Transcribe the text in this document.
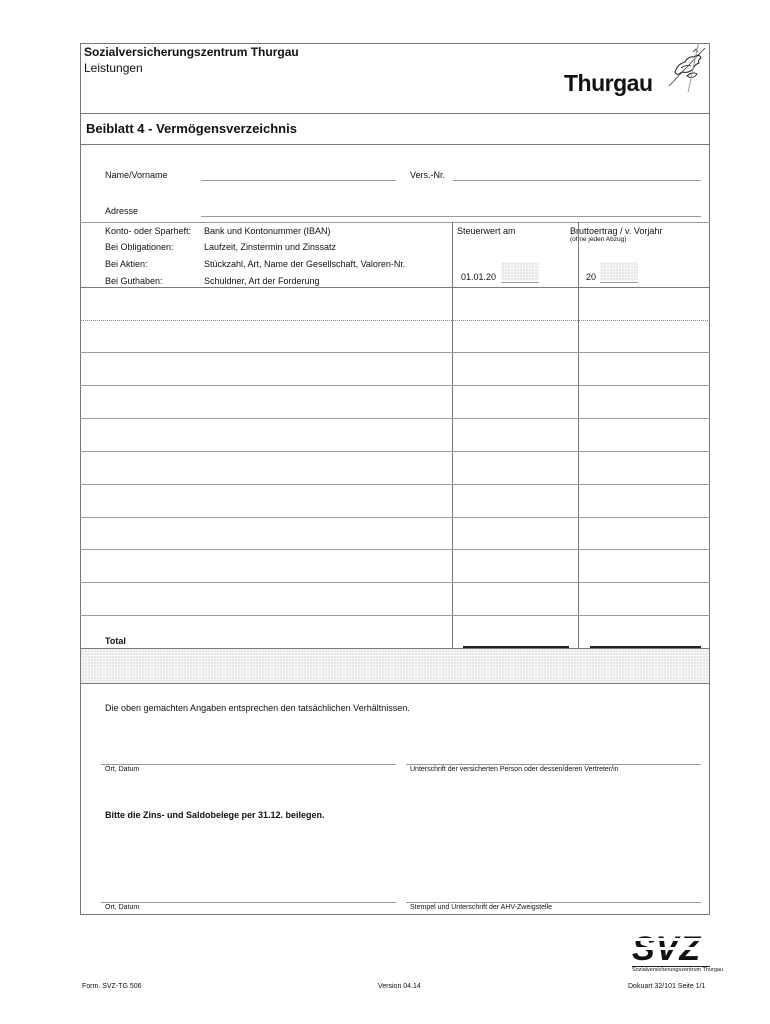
Sozialversicherungszentrum Thurgau
Leistungen
Thurgau
Beiblatt 4 - Vermögensverzeichnis
Name/Vorname	Vers.-Nr.
Adresse
Konto- oder Sparheft: Bank und Kontonummer (IBAN)
Bei Obligationen:	Laufzeit, Zinstermin und Zinssatz
Bei Aktien:	Stückzahl, Art, Name der Gesellschaft, Valoren-Nr.
Bei Guthaben:	Schuldner, Art der Forderung
Steuerwert am
01.01.20
Bruttoertrag / v. Vorjahr
(ohne jeden Abzug)
20
Total
Die oben gemachten Angaben entsprechen den tatsächlichen Verhältnissen.
Ort, Datum	Unterschrift der versicherten Person oder dessen/deren Vertreter/in
Bitte die Zins- und Saldobelege per 31.12. beilegen.
Ort, Datum	Stempel und Unterschrift der AHV-Zweigstelle
SVZ
Sozialversicherungszentrum Thurgau
Form. SVZ-TG 506	Version 04.14	Dokuart 32/101 Seite 1/1
